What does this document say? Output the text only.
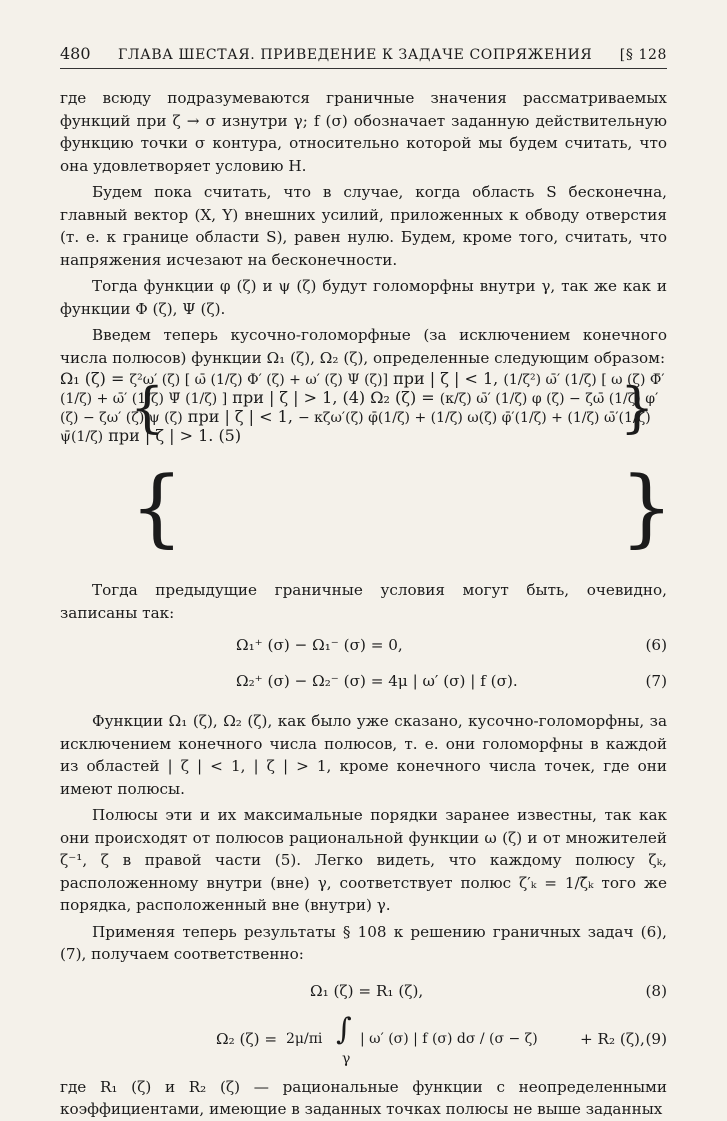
480 ГЛАВА ШЕСТАЯ. ПРИВЕДЕНИЕ К ЗАДАЧЕ СОПРЯЖЕНИЯ [§ 128

где всюду подразумеваются граничные значения рассматриваемых функций при ζ → σ изнутри γ; f (σ) обозначает заданную действительную функцию точки σ контура, относительно которой мы будем считать, что она удовлетворяет условию H.

Будем пока считать, что в случае, когда область S бесконечна, главный вектор (X, Y) внешних усилий, приложенных к обводу отверстия (т. е. к границе области S), равен нулю. Будем, кроме того, считать, что напряжения исчезают на бесконечности.

Тогда функции φ (ζ) и ψ (ζ) будут голоморфны внутри γ, так же как и функции Φ (ζ), Ψ (ζ).

Введем теперь кусочно-голоморфные (за исключением конечного числа полюсов) функции Ω₁ (ζ), Ω₂ (ζ), определенные следующим образом:

Ω₁ (ζ) = {
ζ²ω′ (ζ) [ ω̄ (1/ζ) Φ′ (ζ) + ω′ (ζ) Ψ (ζ)] при | ζ | < 1, (1/ζ²) ω̄′ (1/ζ) [ ω (ζ) Φ̄′ (1/ζ) + ω̄′ (1/ζ) Ψ̄ (1/ζ) ] при | ζ | > 1,	}
(4) Ω₂ (ζ) =
{
(κ/ζ) ω̄′ (1/ζ) φ (ζ) − ζω̄ (1/ζ) φ′ (ζ) − ζω′ (ζ) ψ (ζ) при | ζ | < 1, − κζω′(ζ) φ̄(1/ζ) + (1/ζ) ω(ζ) φ̄′(1/ζ) + (1/ζ) ω̄′(1/ζ) ψ̄(1/ζ) при | ζ | > 1.
}
(5)

Тогда предыдущие граничные условия могут быть, очевидно, записаны так:

Ω₁⁺ (σ) − Ω₁⁻ (σ) = 0,	(6)
Ω₂⁺ (σ) − Ω₂⁻ (σ) = 4μ | ω′ (σ) | f (σ).	(7)

Функции Ω₁ (ζ), Ω₂ (ζ), как было уже сказано, кусочно-голоморфны, за исключением конечного числа полюсов, т. е. они голоморфны в каждой из областей | ζ | < 1, | ζ | > 1, кроме конечного числа точек, где они имеют полюсы.

Полюсы эти и их максимальные порядки заранее известны, так как они происходят от полюсов рациональной функции ω (ζ) и от множителей ζ⁻¹, ζ в правой части (5). Легко видеть, что каждому полюсу ζₖ, расположенному внутри (вне) γ, соответствует полюс ζ′ₖ = 1/ζ̄ₖ того же порядка, расположенный вне (внутри) γ.

Применяя теперь результаты § 108 к решению граничных задач (6), (7), получаем соответственно:

Ω₁ (ζ) = R₁ (ζ),	(8)
Ω₂ (ζ) = 2μ/πi ∫
γ
| ω′ (σ) | f (σ) dσ / (σ − ζ)	+ R₂ (ζ), (9)

где R₁ (ζ) и R₂ (ζ) — рациональные функции с неопределенными коэффициентами, имеющие в заданных точках полюсы не выше заданных
